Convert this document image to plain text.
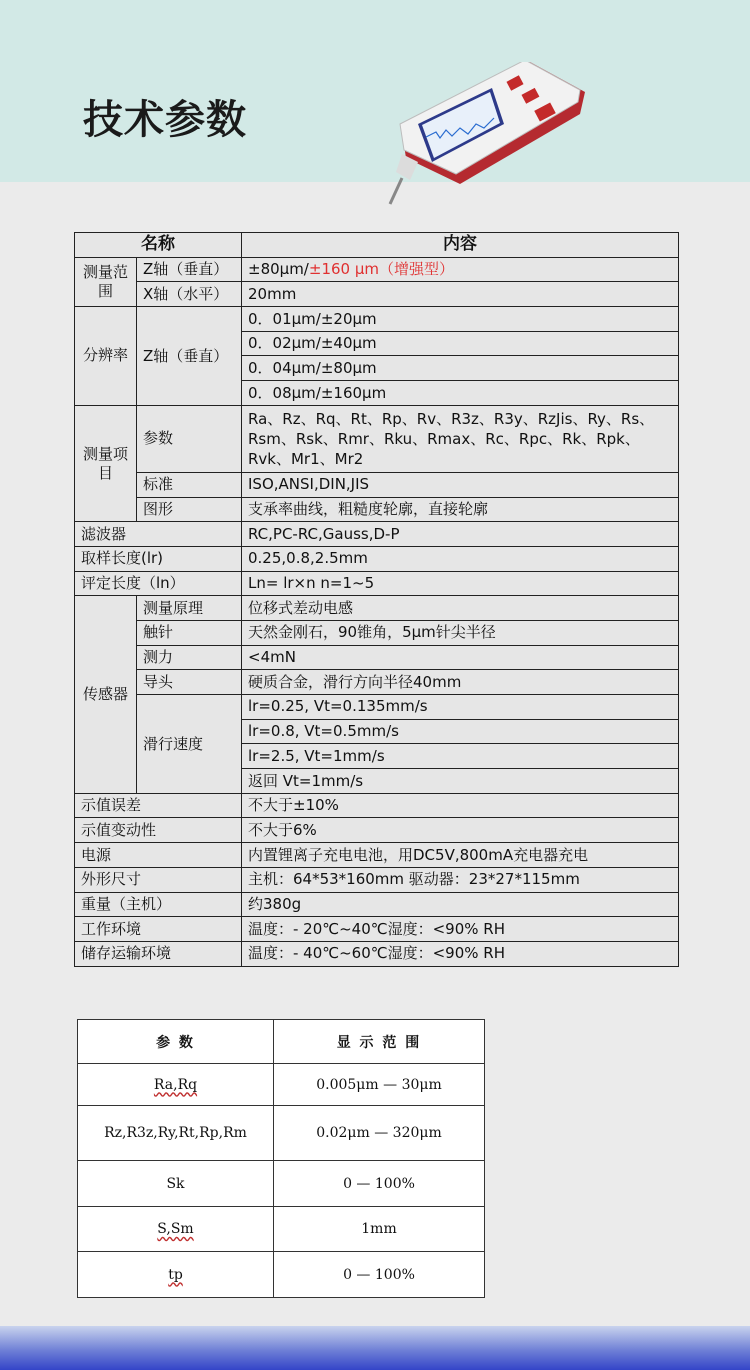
技术参数
名称		内容
测量范围	Z轴（垂直）	±80μm/±160 μm（增强型）
	X轴（水平）	20mm
分辨率	Z轴（垂直）	0．01μm/±20μm
		0．02μm/±40μm
		0．04μm/±80μm
		0．08μm/±160μm
测量项目	参数	Ra、Rz、Rq、Rt、Rp、Rv、R3z、R3y、RzJis、Ry、Rs、Rsm、Rsk、Rmr、Rku、Rmax、Rc、Rpc、Rk、Rpk、Rvk、Mr1、Mr2
	标准	ISO,ANSI,DIN,JIS
	图形	支承率曲线，粗糙度轮廓，直接轮廓
滤波器		RC,PC-RC,Gauss,D-P
取样长度(lr)		0.25,0.8,2.5mm
评定长度（ln）		Ln= lr×n n=1~5
传感器	测量原理	位移式差动电感
	触针	天然金刚石，90锥角，5μm针尖半径
	测力	<4mN
	导头	硬质合金，滑行方向半径40mm
	滑行速度	lr=0.25, Vt=0.135mm/s
		lr=0.8, Vt=0.5mm/s
		lr=2.5, Vt=1mm/s
		返回 Vt=1mm/s
示值误差		不大于±10%
示值变动性		不大于6%
电源		内置锂离子充电电池，用DC5V,800mA充电器充电
外形尺寸		主机：64*53*160mm 驱动器：23*27*115mm
重量（主机）		约380g
工作环境		温度：- 20℃~40℃湿度：<90% RH
储存运输环境		温度：- 40℃~60℃湿度：<90% RH
参 数	显 示 范 围
Ra,Rq	0.005μm — 30μm
Rz,R3z,Ry,Rt,Rp,Rm	0.02μm — 320μm
Sk	0 — 100%
S,Sm	1mm
tp	0 — 100%
